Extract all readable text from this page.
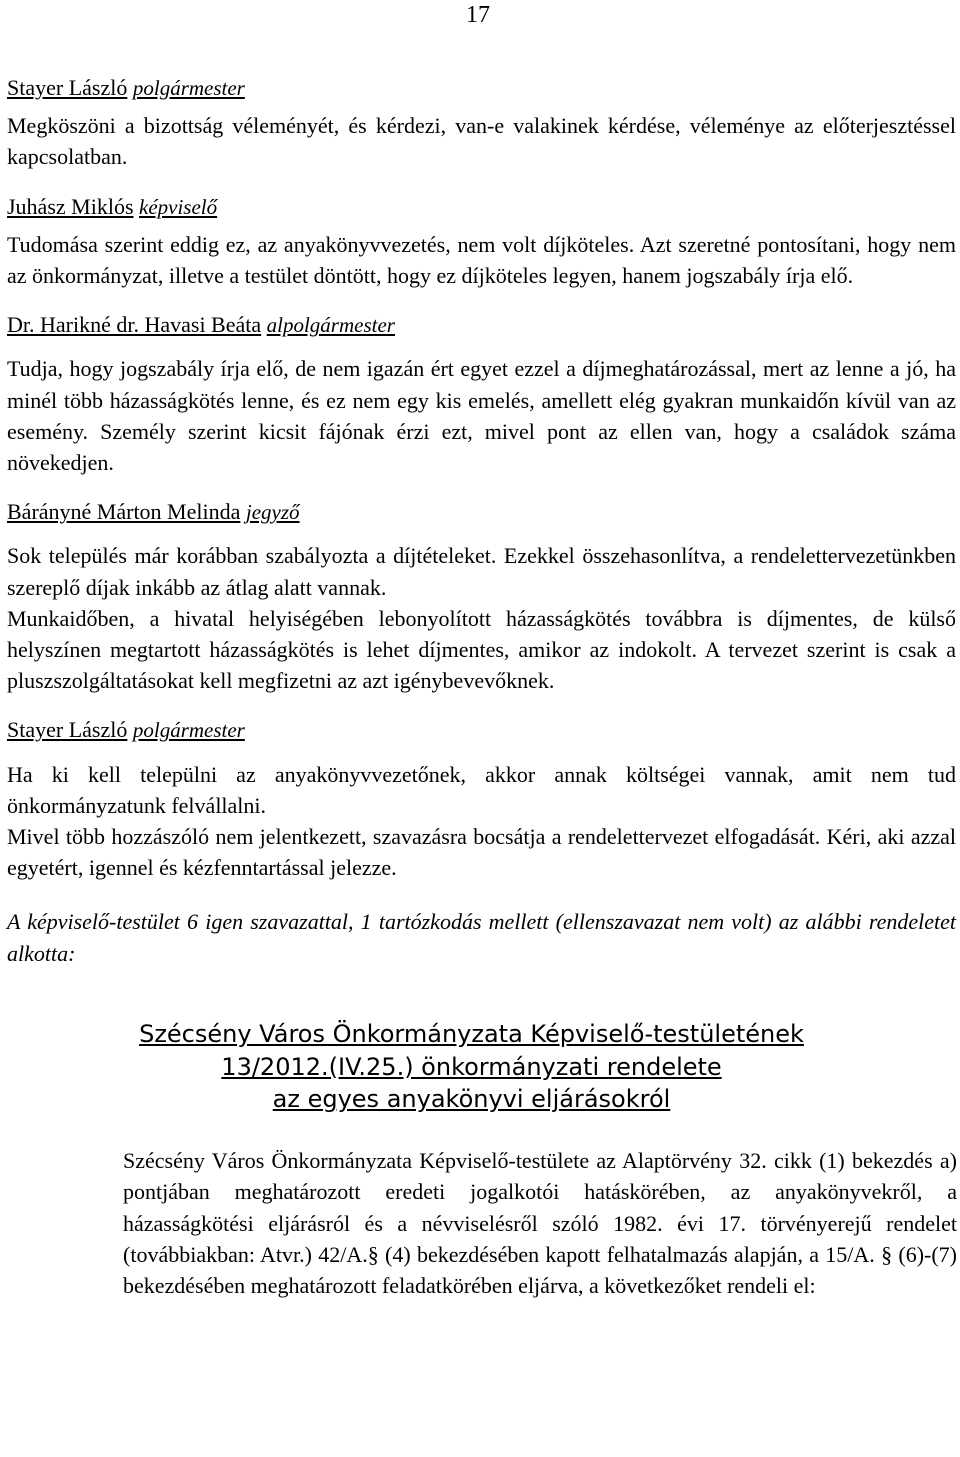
17
Stayer László polgármester

Megköszöni a bizottság véleményét, és kérdezi, van-e valakinek kérdése, véleménye az előterjesztéssel kapcsolatban.

Juhász Miklós képviselő

Tudomása szerint eddig ez, az anyakönyvvezetés, nem volt díjköteles. Azt szeretné pontosítani, hogy nem az önkormányzat, illetve a testület döntött, hogy ez díjköteles legyen, hanem jogszabály írja elő.

Dr. Harikné dr. Havasi Beáta alpolgármester

Tudja, hogy jogszabály írja elő, de nem igazán ért egyet ezzel a díjmeghatározással, mert az lenne a jó, ha minél több házasságkötés lenne, és ez nem egy kis emelés, amellett elég gyakran munkaidőn kívül van az esemény. Személy szerint kicsit fájónak érzi ezt, mivel pont az ellen van, hogy a családok száma növekedjen.

Bárányné Márton Melinda jegyző

Sok település már korábban szabályozta a díjtételeket. Ezekkel összehasonlítva, a rendelettervezetünkben szereplő díjak inkább az átlag alatt vannak.

Munkaidőben, a hivatal helyiségében lebonyolított házasságkötés továbbra is díjmentes, de külső helyszínen megtartott házasságkötés is lehet díjmentes, amikor az indokolt. A tervezet szerint is csak a pluszszolgáltatásokat kell megfizetni az azt igénybevevőknek.

Stayer László polgármester

Ha ki kell települni az anyakönyvvezetőnek, akkor annak költségei vannak, amit nem tud önkormányzatunk felvállalni.

Mivel több hozzászóló nem jelentkezett, szavazásra bocsátja a rendelettervezet elfogadását. Kéri, aki azzal egyetért, igennel és kézfenntartással jelezze.

A képviselő-testület 6 igen szavazattal, 1 tartózkodás mellett (ellenszavazat nem volt) az alábbi rendeletet alkotta:

Szécsény Város Önkormányzata Képviselő-testületének
13/2012.(IV.25.) önkormányzati rendelete
az egyes anyakönyvi eljárásokról

Szécsény Város Önkormányzata Képviselő-testülete az Alaptörvény 32. cikk (1) bekezdés a) pontjában meghatározott eredeti jogalkotói hatáskörében, az anyakönyvekről, a házasságkötési eljárásról és a névviselésről szóló 1982. évi 17. törvényerejű rendelet (továbbiakban: Atvr.) 42/A.§ (4) bekezdésében kapott felhatalmazás alapján, a 15/A. § (6)-(7) bekezdésében meghatározott feladatkörében eljárva, a következőket rendeli el:
